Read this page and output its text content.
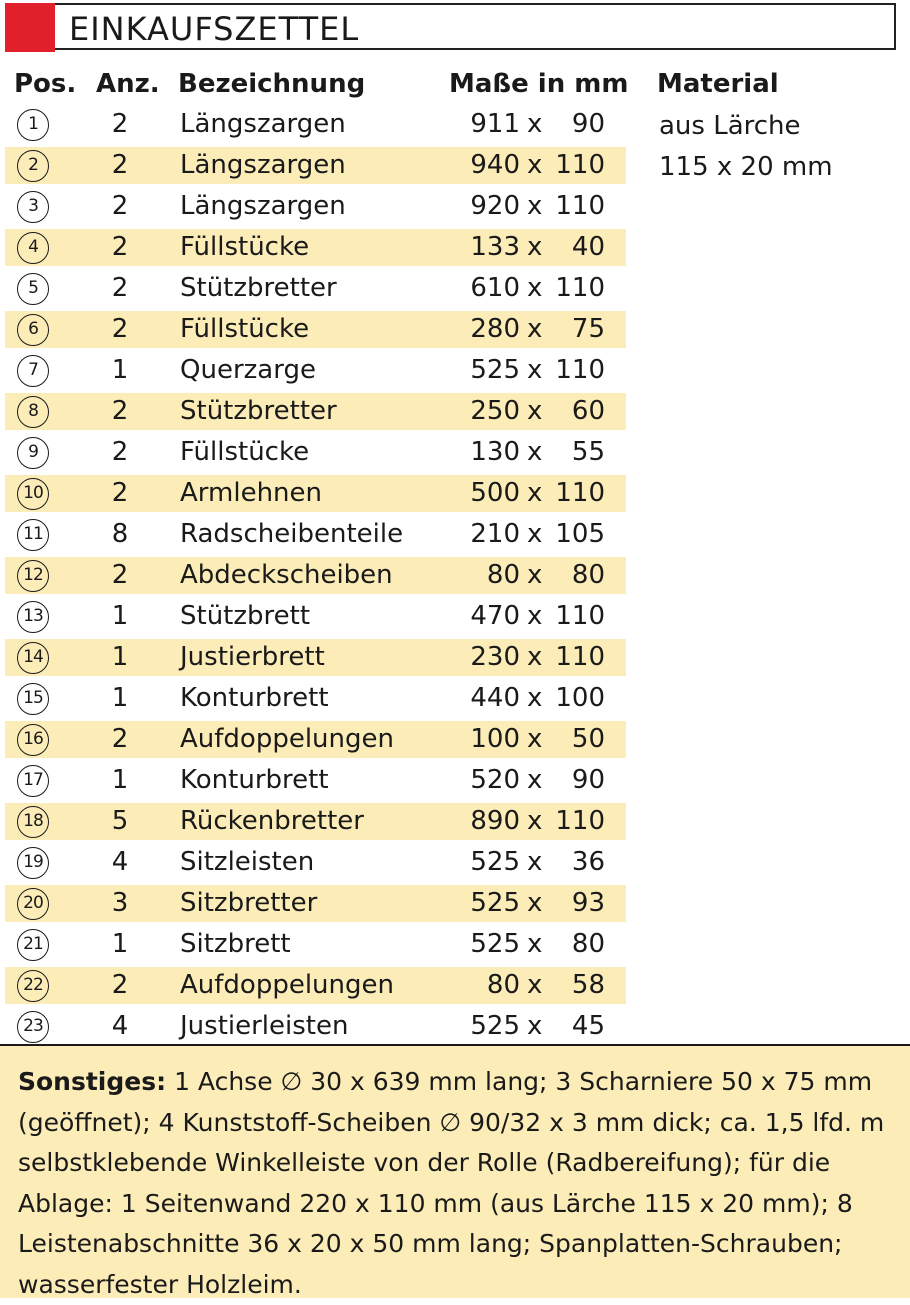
EINKAUFSZETTEL
Pos. Anz. Bezeichnung	Maße in mm Material
1	2	Längszargen	911 x	90
2	2	Längszargen	940 x 110
3	2	Längszargen	920 x 110
4	2	Füllstücke	133 x	40
5	2	Stützbretter	610 x 110
6	2	Füllstücke	280 x	75
7	1	Querzarge	525 x 110
8	2	Stützbretter	250 x	60
9	2	Füllstücke	130 x	55
10	2	Armlehnen	500 x 110
11	8	Radscheibenteile	210 x 105
12	2	Abdeckscheiben	80 x	80
13	1	Stützbrett	470 x 110
14	1	Justierbrett	230 x 110
15	1	Konturbrett	440 x 100
16	2	Aufdoppelungen	100 x	50
17	1	Konturbrett	520 x	90
18	5	Rückenbretter	890 x 110
19	4	Sitzleisten	525 x	36
20	3	Sitzbretter	525 x	93
21	1	Sitzbrett	525 x	80
22	2	Aufdoppelungen	80 x	58
23	4	Justierleisten	525 x	45
aus Lärche
115 x 20 mm
Sonstiges: 1 Achse ∅ 30 x 639 mm lang; 3 Scharniere 50 x 75 mm (geöffnet); 4 Kunststoff-Scheiben ∅ 90/32 x 3 mm dick; ca. 1,5 lfd. m selbstklebende Winkelleiste von der Rolle (Radbereifung); für die Ablage: 1 Seitenwand 220 x 110 mm (aus Lärche 115 x 20 mm); 8 Leistenabschnitte 36 x 20 x 50 mm lang; Spanplatten-Schrauben; wasserfester Holzleim.
